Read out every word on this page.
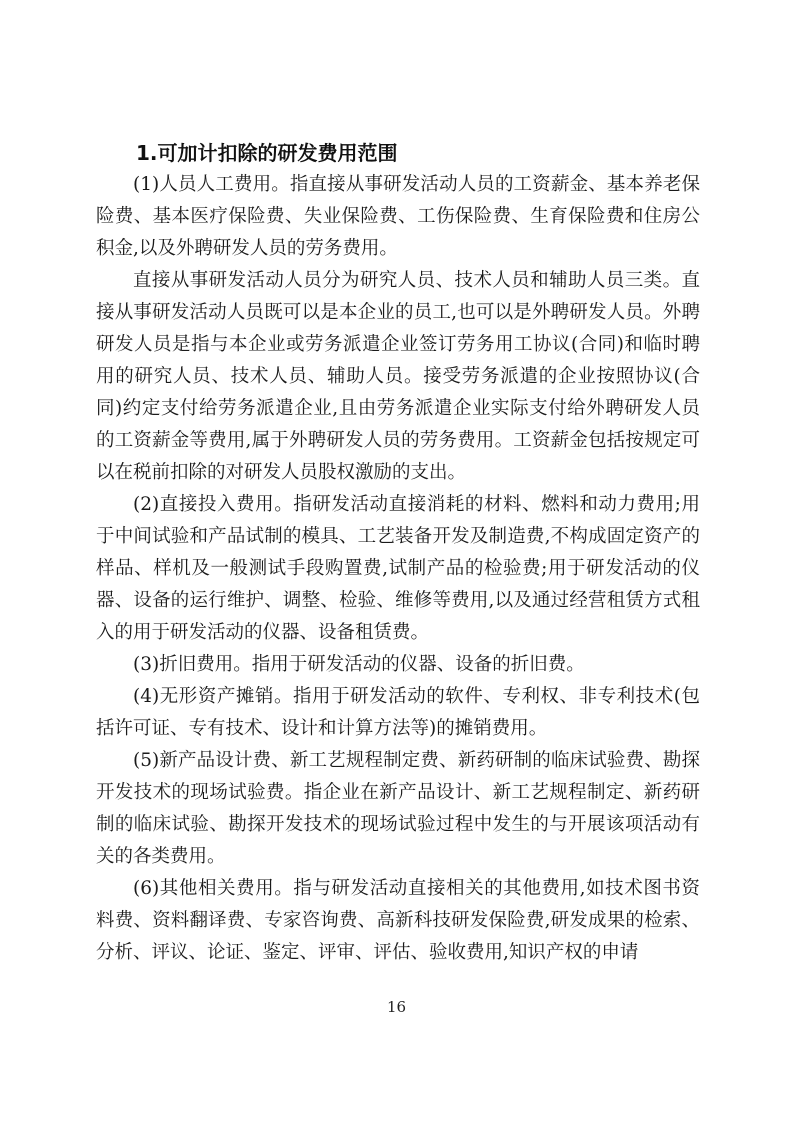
1.可加计扣除的研发费用范围

(1)人员人工费用。指直接从事研发活动人员的工资薪金、基本养老保险费、基本医疗保险费、失业保险费、工伤保险费、生育保险费和住房公积金,以及外聘研发人员的劳务费用。

直接从事研发活动人员分为研究人员、技术人员和辅助人员三类。直接从事研发活动人员既可以是本企业的员工,也可以是外聘研发人员。外聘研发人员是指与本企业或劳务派遣企业签订劳务用工协议(合同)和临时聘用的研究人员、技术人员、辅助人员。接受劳务派遣的企业按照协议(合同)约定支付给劳务派遣企业,且由劳务派遣企业实际支付给外聘研发人员的工资薪金等费用,属于外聘研发人员的劳务费用。工资薪金包括按规定可以在税前扣除的对研发人员股权激励的支出。

(2)直接投入费用。指研发活动直接消耗的材料、燃料和动力费用;用于中间试验和产品试制的模具、工艺装备开发及制造费,不构成固定资产的样品、样机及一般测试手段购置费,试制产品的检验费;用于研发活动的仪器、设备的运行维护、调整、检验、维修等费用,以及通过经营租赁方式租入的用于研发活动的仪器、设备租赁费。

(3)折旧费用。指用于研发活动的仪器、设备的折旧费。

(4)无形资产摊销。指用于研发活动的软件、专利权、非专利技术(包括许可证、专有技术、设计和计算方法等)的摊销费用。

(5)新产品设计费、新工艺规程制定费、新药研制的临床试验费、勘探开发技术的现场试验费。指企业在新产品设计、新工艺规程制定、新药研制的临床试验、勘探开发技术的现场试验过程中发生的与开展该项活动有关的各类费用。

(6)其他相关费用。指与研发活动直接相关的其他费用,如技术图书资料费、资料翻译费、专家咨询费、高新科技研发保险费,研发成果的检索、分析、评议、论证、鉴定、评审、评估、验收费用,知识产权的申请

16
